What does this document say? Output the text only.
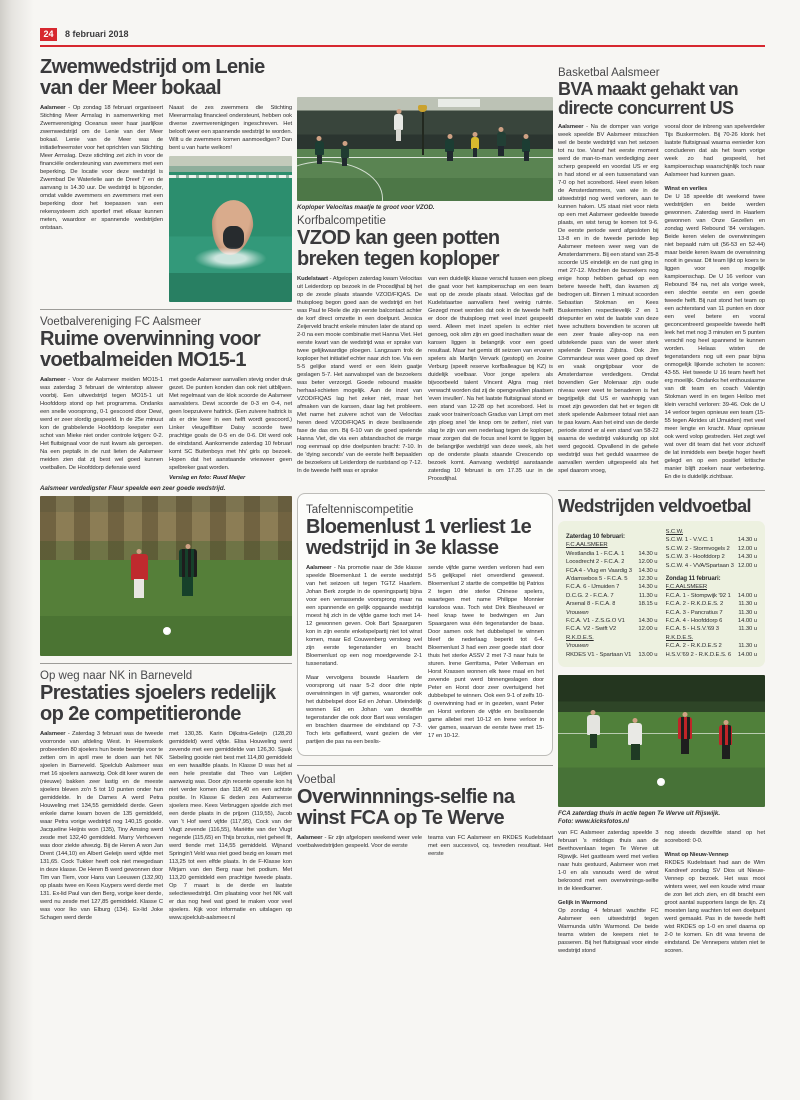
24	8 februari 2018
Zwemwedstrijd om Lenie van der Meer bokaal
Aalsmeer - Op zondag 18 februari organiseert Stichting Meer Armslag in samenwerking met Zwemvereniging Oceanus weer haar jaarlijkse zwemwedstrijd om de Lenie van der Meer bokaal. Lenie van de Meer was de initiatiefneemster voor het oprichten van Stichting Meer Armslag. Deze stichting zet zich in voor de financiële ondersteuning van zwemmers met een beperking. De locatie voor deze wedstrijd is Zwembad De Waterlelie aan de Dreef 7 en de aanvang is 14.30 uur. De wedstrijd is bijzonder, omdat valide zwemmers en zwemmers met een beperking door het toepassen van een rekensysteem zich sportief met elkaar kunnen meten, waardoor er spannende wedstrijden ontstaan.
Naast de zes zwemmers die Stichting Meerarmslag financieel ondersteunt, hebben ook diverse zwemverenigingen ingeschreven. Het belooft weer een spannende wedstrijd te worden. Wilt u de zwemmers komen aanmoedigen? Dan bent u van harte welkom!
Voetbalvereniging FC Aalsmeer
Ruime overwinning voor voetbalmeiden MO15-1
Aalsmeer - Voor de Aalsmeer meiden MO15-1 was zaterdag 3 februari de winterstop alweer voorbij. Een uitwedstrijd tegen MO15-1 uit Hoofddorp stond op het programma. Ondanks een snelle voorsprong, 0-1 gescoord door Dewi, werd er zeer slordig gespeeld. In de 25e minuut kon de grabbelende Hoofddorp keepster een schot van Mieke niet onder controle krijgen: 0-2. Het fluitsignaal voor de rust kwam als geroepen. Na een peptalk in de rust lieten de Aalsmeer meiden zien dat zij best wel goed kunnen voetballen. De Hoofddorp defensie werd
met goede Aalsmeer aanvallen stevig onder druk gezet. De punten konden dan ook niet uitblijven. Met regelmaat van de klok scoorde de Aalsmeer aanvalsters. Dewi scoorde de 0-3 en 0-4, net geen loepzuivere hattrick. (Een zuivere hattrick is als er drie keer in een helft wordt gescoord.) Linker vleugelflitser Daisy scoorde twee prachtige goals de 0-5 en de 0-6. Dit werd ook de eindstand. Aankomende zaterdag 10 februari komt SC Buitenboys met hh/ girls op bezoek. Hopen dat het aanstaande vriesweer geen spelbreker gaat worden.
Verslag en foto: Ruud Meijer
Aalsmeer verdedigster Fleur speelde een zeer goede wedstrijd.
Op weg naar NK in Barneveld
Prestaties sjoelers redelijk op 2e competitieronde
Aalsmeer - Zaterdag 3 februari was de tweede voorronde van afdeling West. In Heemskerk probeerden 80 sjoelers hun beste beentje voor te zetten om in april mee te doen aan het NK sjoelen in Barneveld. Sjoelclub Aalsmeer was met 16 sjoelers aanwezig. Ook dit keer waren de (nieuwe) bakken zeer lastig en de meeste sjoelers bleven zo'n 5 tot 10 punten onder hun gemiddelde. In de Dames A werd Petra Houweling met 134,55 gemiddeld derde. Geen enkele dame kwam boven de 135 gemiddeld, waar Petra vorige wedstrijd nog 140,15 gooide. Jacqueline Heijnis won (135), Tiny Amsing werd zesde met 132,40 gemiddeld. Marry Verhoeven was door ziekte afwezig. Bij de Heren A won Jan Drent (144,10) en Albert Geleijn werd vijfde met 131,65. Cock Tukker heeft ook niet meegedaan in deze klasse. De Heren B werd gewonnen door Tim van Tiem, voor Hans van Leeuwen (132,90) op plaats twee en Kees Kuypers werd derde met 131. Ex-lid Paul van den Berg, vorige keer derde, werd nu zesde met 127,85 gemiddeld. Klasse C was voor Iko van Elburg (134). Ex-lid Joke Schagen werd derde
met 130,35. Karin Dijkstra-Geleijn (128,20 gemiddeld) werd vijfde. Elisa Houweling werd zevende met een gemiddelde van 126,30. Sjaak Siebeling gooide niet best met 114,80 gemiddeld en een twaalfde plaats. In Klasse D was het al een hele prestatie dat Theo van Leijden aanwezig was. Door zijn recente operatie kon hij niet verder komen dan 118,40 en een achtste positie. In Klasse E deden zes Aalsmeerse sjoelers mee. Kees Verbruggen sjoelde zich met een derde plaats in de prijzen (119,55), Jacob van 't Hof werd vijfde (117,95), Cock van der Vlugt zevende (116,55), Mariëtte van der Vlugt negende (115,65) en Thijs brozius, niet geheel fit, werd tiende met 114,55 gemiddeld. Wijnand Springin't Veld was niet goed bezig en kwam met 113,25 tot een elfde plaats. In de F-Klasse kon Mirjam van den Berg naar het podium. Met 113,20 gemiddeld een prachtige tweede plaats. Op 7 maart is de derde en laatste selectiewedstrijd. Om plaatsing voor het NK valt er dus nog heel wat goed te maken voor veel sjoelers. Kijk voor informatie en uitslagen op www.sjoelclub-aalsmeer.nl
Koploper Velocitas maatje te groot voor VZOD.
Korfbalcompetitie
VZOD kan geen potten breken tegen koploper
Kudelstaart - Afgelopen zaterdag kwam Velocitas uit Leiderdorp op bezoek in de Proosdijhal bij het op de zesde plaats staande VZOD/FIQAS. De thuisploeg begon goed aan de wedstrijd en het was Paul te Riele die zijn eerste balcontact achter de korf direct omzette in een doelpunt. Jessica Zeijerveld bracht enkele minuten later de stand op 2-0 na een mooie combinatie met Hanna Viet. Het eerste kwart van de wedstrijd was er sprake van twee gelijkwaardige ploegen. Langzaam trok de koploper het initiatief echter naar zich toe. Via een 5-5 gelijke stand werd er een klein gaatje geslagen 5-7. Het aanvalsspel van de bezoekers was beter verzorgd. Goede rebound maakte herhaal-schieten mogelijk. Aan de inzet van VZOD/FIQAS lag het zeker niet, maar het afmaken van de kansen, daar lag het probleem. Met name het zuivere schot van de Velocitas heren deed VZOD/FIQAS in deze beslissende fase de das om. Bij 6-10 van de goed spelende Hanna Viet, die via een afstandsschot de marge nog eenmaal op drie doelpunten bracht: 7-10. In de 'dying seconds' van de eerste helft bepaalden de bezoekers uit Leiderdorp de ruststand op 7-12. In de tweede helft was er sprake
van een duidelijk klasse verschil tussen een ploeg die gaat voor het kampioenschap en een team wat op de zesde plaats staat. Velocitas gaf de Kudelstaartse aanvallers heel weinig ruimte. Gezegd moet worden dat ook in de tweede helft er door de thuisploeg met veel inzet gespeeld werd. Alleen met inzet spelen is echter niet genoeg, ook slim zijn en goed inschatten waar de kansen liggen is belangrijk voor een goed resultaat. Maar het gemis dit seizoen van ervaren spelers als Martijn Vervark (gestopt) en Josine Verburg (speelt reserve korfballeague bij KZ) is duidelijk voelbaar. Voor jonge spelers als bijvoorbeeld talent Vincent Algra mag niet verwacht worden dat zij de opengevallen plaatsen 'even invullen'. Na het laatste fluitsignaal stond er een stand van 12-28 op het scorebord. Het is zaak voor trainer/coach Gradus van Limpt om met zijn ploeg snel 'de knop om te zetten', niet van slag te zijn van een nederlaag tegen de koploper, maar zorgen dat de focus snel komt te liggen bij de belangrijke wedstrijd van deze week, als het op de onderste plaats staande Crescendo op bezoek komt. Aanvang wedstrijd aanstaande zaterdag 10 februari is om 17.35 uur in de Proosdijhal.
Tafeltenniscompetitie
Bloemenlust 1 verliest 1e wedstrijd in 3e klasse
Aalsmeer - Na promotie naar de 3de klasse speelde Bloemenlust 1 de eerste wedstrijd van het seizoen uit tegen TGTZ Haarlem. Johan Berk zorgde in de openingspartij bijna voor een verrassende voorsprong maar na een spannende en gelijk opgaande wedstrijd moest hij zich in de vijfde game toch met 14-12 gewonnen geven. Ook Bart Spaargaren kon in zijn eerste enkelspelpartij niet tot winst komen, maar Ed Couwenberg versloeg wel zijn eerste tegenstander en bracht Bloemenlust op een nog moedgevende 2-1 tussenstand.
Maar vervolgens bouwde Haarlem de voorsprong uit naar 5-2 door drie nipte overwinningen in vijf games, waaronder ook het dubbelspel door Ed en Johan. Uiteindelijk wonnen Ed en Johan van dezelfde tegenstander die ook door Bart was verslagen en brachten daarmee de eindstand op 7-3. Toch iets geflatteerd, want gezien de vier partijen die pas na een beslis-
sende vijfde game werden verloren had een 5-5 gelijkspel niet onverdiend geweest. Bloemenlust 2 startte de competitie bij Patrios 2 tegen drie sterke Chinese spelers, waartegen met name Philippe Monnier kansloos was. Toch wist Dirk Biesheuvel er heel knap twee te bedwingen en Jan Spaargaren was één tegenstander de baas. Door samen ook het dubbelspel te winnen bleef de nederlaag beperkt tot 6-4. Bloemenlust 3 had een zeer goede start door thuis het sterke ASSV 2 met 7-3 naar huis te sturen. Irene Gerritsma, Peter Velleman en Horst Krassen wonnen elk twee maal en het zevende punt werd binnengeslagen door Peter en Horst door zeer overtuigend het dubbelspel te winnen. Ook een 9-1 of zelfs 10-0 overwinning had er in gezeten, want Peter en Horst verloren de vijfde en beslissende game allebei met 10-12 en Irene verloor in vier games, waarvan de eerste twee met 15-17 en 10-12.
Voetbal
Overwinnnings-selfie na winst FCA op Te Werve
Aalsmeer - Er zijn afgelopen weekend weer vele voetbalwedstrijden gespeeld. Voor de eerste
teams van FC Aalsmeer en RKDES Kudelstaart met een succesvol, cq. tevreden resultaat. Het eerste
Basketbal Aalsmeer
BVA maakt gehakt van directe concurrent US
Aalsmeer - Na de domper van vorige week speelde BV Aalsmeer misschien wel de beste wedstrijd van het seizoen tot nu toe. Vanaf het eerste moment werd de man-to-man verdediging zeer scherp gespeeld en voordat US er erg in had stond er al een tussenstand van 7-0 op het scorebord. Heel even leken de Amsterdammers, van wie in de uitwedstrijd nog werd verloren, aan te kunnen haken. US staat niet voor niets op een met Aalsmeer gedeelde tweede plaats, en wist terug te komen tot 9-6. De eerste periode werd afgesloten bij 13-8 en in de tweede periode liep Aalsmeer meteen weer weg van de Amsterdammers. Bij een stand van 25-8 scoorde US eindelijk en de rust ging in met 27-12. Mochten de bezoekers nog enige hoop hebben gehad op een betere tweede helft, dan kwamen zij bedrogen uit. Binnen 1 minuut scoorden Sebastian Stokman en Kees Buskermolen respectievelijk 2 en 1 driepunter en wist de laatste van deze twee schutters bovendien te scoren uit een zeer fraaie alley-oop na een uitstekende pass van de weer sterk spelende Dennis Zijlstra. Ook Jim Commandeur was weer goed op dreef en vaak ongrijpbaar voor de Amsterdamse verdedigers. Omdat bovendien Ger Molenaar zijn oude niveau weer weet te benaderen is het begrijpelijk dat US er wanhopig van moet zijn geworden dat het er tegen dit sterk spelende Aalsmeer totaal niet aan te pas kwam. Aan het eind van de derde periode stond er al een stand van 58-22 waarna de wedstrijd vakkundig op slot werd gegooid. Opvallend in de gehele wedstrijd was het geduld waarmee de aanvallen werden uitgespeeld als het spel daarom vroeg,
vooral door de inbreng van spelverdeler Tijs Buskermolen. Bij 70-26 klonk het laatste fluitsignaal waarna eenieder kon concluderen dat als het team vorige week zo had gespeeld, het kampioenschap waarschijnlijk toch naar Aalsmeer had kunnen gaan.
Winst en verlies
De U 18 speelde dit weekend twee wedstrijden en beide werden gewonnen. Zaterdag werd in Haarlem gewonnen van Onze Gezellen en zondag werd Rebound '84 verslagen. Beide keren vielen de overwinningen niet bepaald ruim uit (56-53 en 52-44) maar beide keren kwam de overwinning nooit in gevaar. Dit team lijkt op koers te liggen voor een mogelijk kampioenschap. De U 16 verloor van Rebound '84 na, net als vorige week, een slechte eerste en een goede tweede helft. Bij rust stond het team op een achterstand van 11 punten en door een veel betere en vooral geconcentreerd gespeelde tweede helft leek het met nog 3 minuten en 5 punten verschil nog heel spannend te kunnen worden. Helaas wisten de tegenstanders nog uit een paar bijna onmogelijk lijkende schoten te scoren: 43-55. Het tweede U 16 team heeft het erg moeilijk. Ondanks het enthousiasme van dit team en coach Valentijn Stokman werd in en tegen Heiloo met klein verschil verloren: 39-46. Ook de U 14 verloor tegen opnieuw een team (15-55 tegen Akrides uit IJmuiden) met veel meer lengte en kracht. Maar opnieuw ook werd volop gestreden. Het zegt wel wat over dit team dat het voor zichzelf de lat inmiddels een beetje hoger heeft gelegd en op een positief kritische manier blijft zoeken naar verbetering. En die is duidelijk zichtbaar.
Wedstrijden veldvoetbal
Zaterdag 10 februari:
F.C.AALSMEER
Westlandia 1 - F.C.A. 1 14.30 u
Loosdrecht 2 - F.C.A. 2 12.00 u
FCA 4 - Vlug en Vaardig 3 14.30 u
A'damsebos 5 - F.C.A. 5 12.30 u
F.C.A. 6 - IJmuiden 7	14.30 u
D.C.G. 2 - F.C.A. 7	11.30 u
Arsenal 8 - F.C.A. 8	18.15 u
Vrouwen
F.C.A. V1 - Z.S.G.O V1 14.30 u
F.C.A. V2 - Swift V2	12.00 u
R.K.D.E.S.
Vrouwen
RKDES V1 - Spartaan V1 13.00 u
S.C.W.
S.C.W. 1 - V.V.C. 1	14.30 u
S.C.W. 2 - Stormvogels 2 12.00 u
S.C.W. 3 - Hoofddorp 2 14.30 u
S.C.W. 4 - VVA/Spartaan 3 12.00 u
Zondag 11 februari:
F.C.AALSMEER
F.C.A. 1 - Stompwijk '92 1 14.00 u
F.C.A. 2 - R.K.D.E.S. 2	11.30 u
F.C.A. 3 - Pancratius 7	11.30 u
F.C.A. 4 - Hoofddorp 6	14.00 u
F.C.A. 5 - H.S.V.'69 3	11.30 u
R.K.D.E.S.
F.C.A. 2 - R.K.D.E.S 2	11.30 u
H.S.V.'69 2 - R.K.D.E.S. 6 14.00 u
FCA zaterdag thuis in actie tegen Te Werve uit Rijswijk.
Foto: www.kicksfotos.nl
van FC Aalsmeer zaterdag speelde 3 februari 's middags thuis aan de Beethovenlaan tegen Te Werve uit Rijswijk. Het gastteam werd met verlies naar huis gestuurd, Aalsmeer won met 1-0 en als vanouds werd de winst bekroond met een overwinnings-selfie in de kleedkamer.
Gelijk in Warmond
Op zondag 4 februari wachtte FC Aalsmeer een uitwedstrijd tegen Warmunda uit/in Warmond. De beide teams wisten de keepers niet te passeren. Bij het fluitsignaal voor einde wedstrijd stond
nog steeds dezelfde stand op het scorebord: 0-0.
Winst op Nieuw-Vennep
RKDES Kudelstaart had aan de Wim Kandreef zondag SV Dios uit Nieuw-Vennep op bezoek. Het was mooi winters weer, wel een koude wind maar de zon liet zich zien, en dit bracht een groot aantal supporters langs de lijn. Zij moesten lang wachten tot een doelpunt werd gemaakt. Pas in de tweede helft wist RKDES op 1-0 en snel daarna op 2-0 te komen. En dit was tevens de eindstand. De Vennepers wisten niet te scoren.
